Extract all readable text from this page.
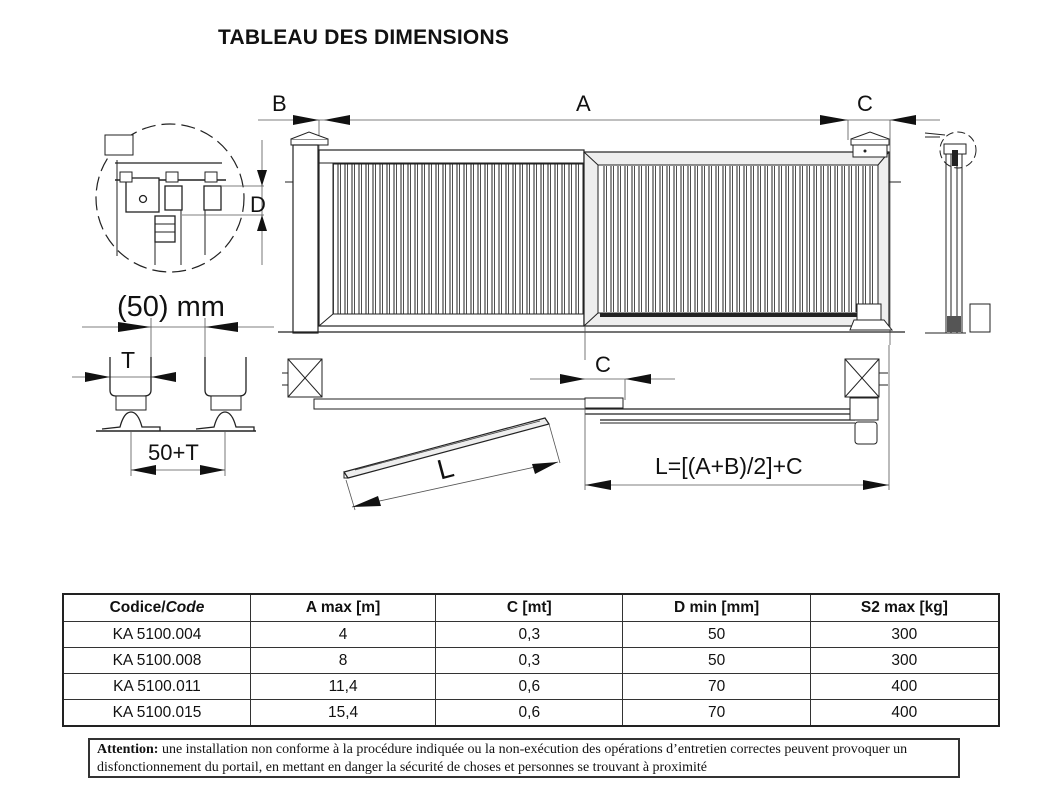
TABLEAU DES DIMENSIONS
D
(50) mm
T
50+T
B	A	C
C
L	L=[(A+B)/2]+C
Codice/Code	A max [m]	C [mt]	D min [mm]	S2 max [kg]
KA 5100.004	4	0,3	50	300
KA 5100.008	8	0,3	50	300
KA 5100.011	11,4	0,6	70	400
KA 5100.015	15,4	0,6	70	400
Attention: une installation non conforme à la procédure indiquée ou la non-exécution des opérations d’entretien correctes peuvent provoquer un disfonctionnement du portail, en mettant en danger la sécurité de choses et personnes se trouvant à proximité
